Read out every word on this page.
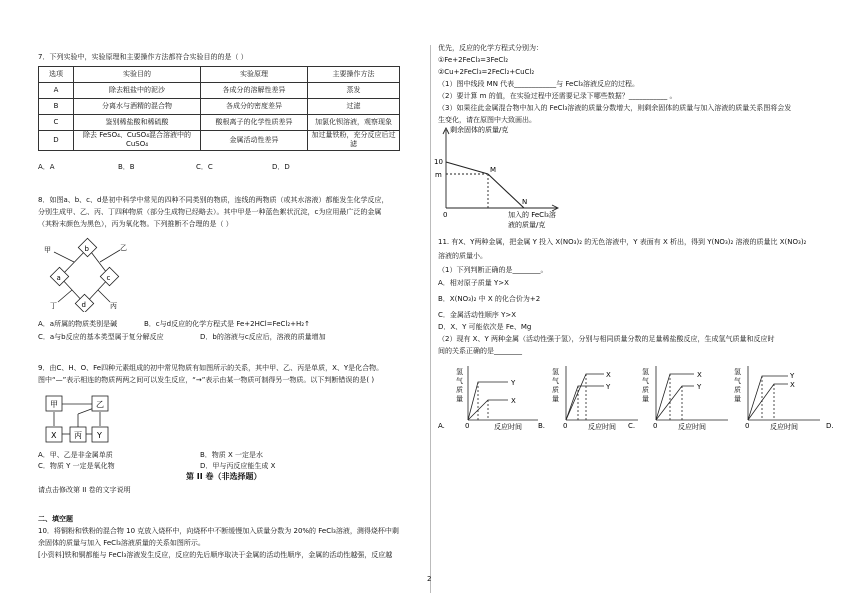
7．下列实验中，实验原理和主要操作方法都符合实验目的的是（ ）
选项	实验目的	实验原理	主要操作方法
A	除去粗盐中的泥沙	各成分的溶解性差异	蒸发
B	分离水与酒精的混合物	各成分的密度差异	过滤
C	鉴别稀盐酸和稀硫酸	酸根离子的化学性质差异	加氯化钡溶液，观察现象
D	除去 FeSO₄、CuSO₄混合溶液中的 CuSO₄	金属活动性差异	加过量铁粉，充分反应后过滤
A．A	B．B	C．C	D．D
8．如图a、b、c、d是初中科学中常见的四种不同类别的物质，连线的两物质（或其水溶液）都能发生化学反应，
分别生成甲、乙、丙、丁四种物质（部分生成物已经略去）。其中甲是一种蓝色絮状沉淀，c为应用最广泛的金属
（其粉末颜色为黑色），丙为氧化物。下列推断不合理的是（ ）
b
a	c
d
甲	乙
丁	丙
A．a所属的物质类别是碱	B．c与d反应的化学方程式是 Fe+2HCl=FeCl₂+H₂↑
C．a与b反应的基本类型属于复分解反应	D．b的溶液与c反应后，溶液的质量增加
9．由C、H、O、Fe四种元素组成的初中常见物质有如图所示的关系，其中甲、乙、丙是单质，X、Y是化合物。
图中“—”表示相连的物质两两之间可以发生反应，“→”表示由某一物质可制得另一物质。以下判断错误的是( )
甲	乙
X 丙 Y
A．甲、乙是非金属单质	B．物质 X 一定是水
C．物质 Y 一定是氧化物	D．甲与丙反应能生成 X
第 II 卷（非选择题）
请点击修改第 II 卷的文字说明
二、填空题
10．将铜粉和铁粉的混合物 10 克放入烧杯中，向烧杯中不断缓慢加入质量分数为 20%的 FeCl₃溶液，测得烧杯中剩
余固体的质量与加入 FeCl₃溶液质量的关系如图所示。
[小资料]铁和铜都能与 FeCl₃溶液发生反应，反应的先后顺序取决于金属的活动性顺序，金属的活动性越强，反应越
优先，反应的化学方程式分别为：
①Fe+2FeCl₃=3FeCl₂
②Cu+2FeCl₃=2FeCl₂+CuCl₂
（1）图中线段 MN 代表____________与 FeCl₃溶液反应的过程。
（2）要计算 m 的值，在实验过程中还需要记录下哪些数据？___________ 。
（3）如果往此金属混合物中加入的 FeCl₃溶液的质量分数增大，则剩余固体的质量与加入溶液的质量关系图将会发
生变化，请在原图中大致画出。
剩余固体的质量/克
10
m
0
M
N
加入的 FeCl₃溶
液的质量/克
11. 有X、Y两种金属，把金属 Y 投入 X(NO₃)₂ 的无色溶液中，Y 表面有 X 析出，得到 Y(NO₃)₂ 溶液的质量比 X(NO₃)₂
溶液的质量小。
（1）下列判断正确的是________。
A．相对原子质量 Y>X
B．X(NO₃)₂ 中 X 的化合价为+2
C．金属活动性顺序 Y>X
D．X、Y 可能依次是 Fe、Mg
（2）现有 X、Y 两种金属（活动性强于氢），分别与相同质量分数的足量稀盐酸反应，生成氢气质量和反应时
间的关系正确的是________
氢
气
质
量
Y
X
0	反应时间
A.
氢
气
质
量
X
Y
0	反应时间
B.
氢
气
质
量
X
Y
0	反应时间
C.
氢
气
质
量
Y
X
0	反应时间	D.
2
